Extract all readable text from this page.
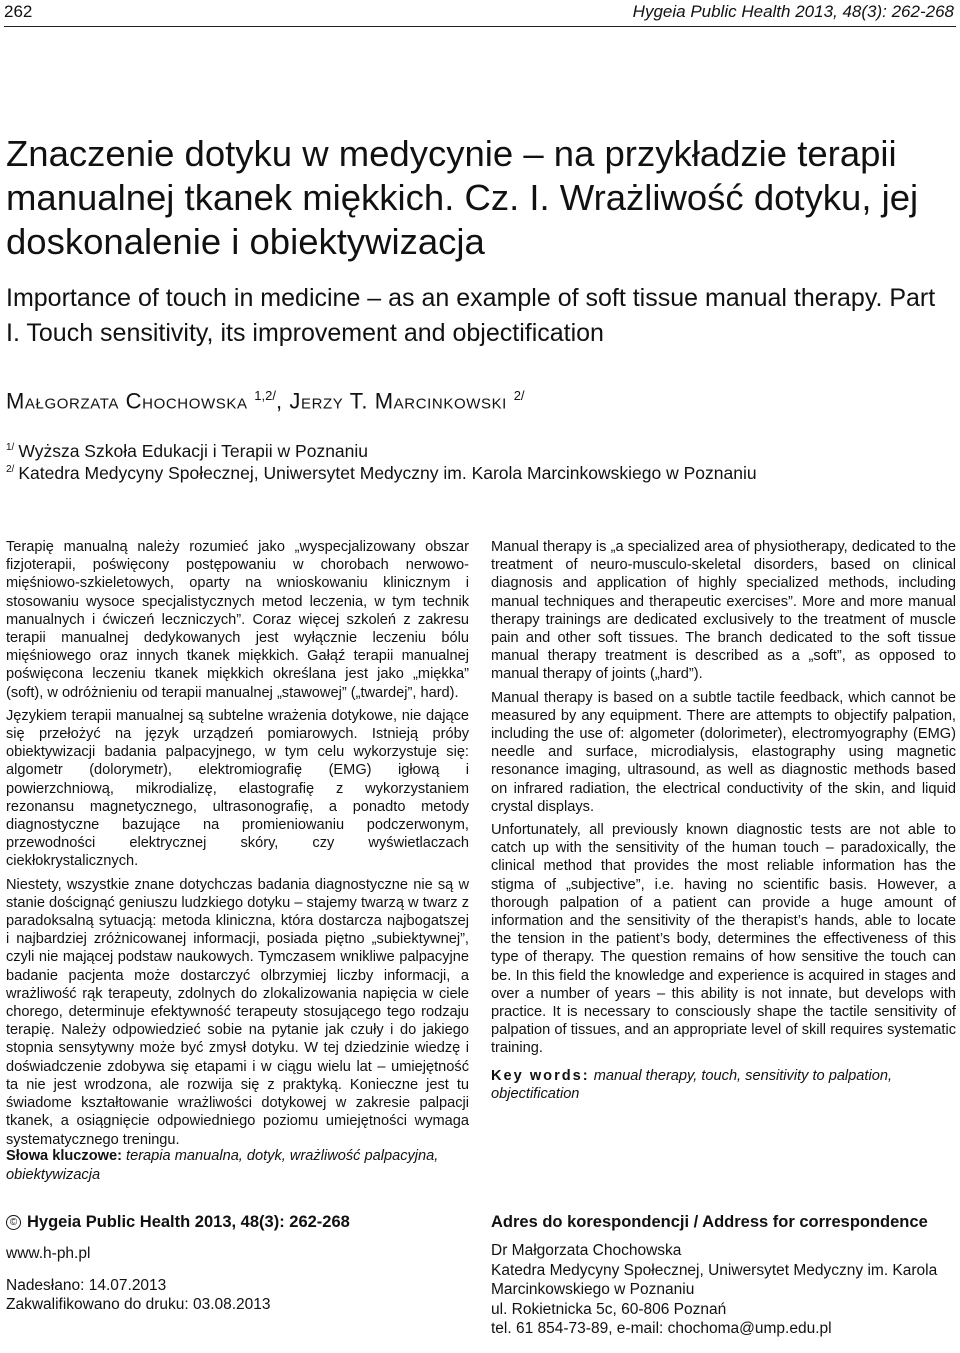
262	Hygeia Public Health 2013, 48(3): 262-268
Znaczenie dotyku w medycynie – na przykładzie terapii manualnej tkanek miękkich. Cz. I. Wrażliwość dotyku, jej doskonalenie i obiektywizacja
Importance of touch in medicine – as an example of soft tissue manual therapy. Part I. Touch sensitivity, its improvement and objectification
Małgorzata Chochowska $^{1,2/}$, Jerzy T. Marcinkowski $^{2/}$
$^{1/}$ Wyższa Szkoła Edukacji i Terapii w Poznaniu
$^{2/}$ Katedra Medycyny Społecznej, Uniwersytet Medyczny im. Karola Marcinkowskiego w Poznaniu

Terapię manualną należy rozumieć jako „wyspecjalizowany obszar fizjoterapii, poświęcony postępowaniu w chorobach nerwowo-mięśniowo-szkieletowych, oparty na wnioskowaniu klinicznym i stosowaniu wysoce specjalistycznych metod leczenia, w tym technik manualnych i ćwiczeń leczniczych”. Coraz więcej szkoleń z zakresu terapii manualnej dedykowanych jest wyłącznie leczeniu bólu mięśniowego oraz innych tkanek miękkich. Gałąź terapii manualnej poświęcona leczeniu tkanek miękkich określana jest jako „miękka” (soft), w odróżnieniu od terapii manualnej „stawowej” („twardej”, hard).

Językiem terapii manualnej są subtelne wrażenia dotykowe, nie dające się przełożyć na język urządzeń pomiarowych. Istnieją próby obiektywizacji badania palpacyjnego, w tym celu wykorzystuje się: algometr (dolorymetr), elektromiografię (EMG) igłową i powierzchniową, mikrodializę, elastografię z wykorzystaniem rezonansu magnetycznego, ultrasonografię, a ponadto metody diagnostyczne bazujące na promieniowaniu podczerwonym, przewodności elektrycznej skóry, czy wyświetlaczach ciekłokrystalicznych.

Niestety, wszystkie znane dotychczas badania diagnostyczne nie są w stanie doścignąć geniuszu ludzkiego dotyku – stajemy twarzą w twarz z paradoksalną sytuacją: metoda kliniczna, która dostarcza najbogatszej i najbardziej zróżnicowanej informacji, posiada piętno „subiektywnej”, czyli nie mającej podstaw naukowych. Tymczasem wnikliwe palpacyjne badanie pacjenta może dostarczyć olbrzymiej liczby informacji, a wrażliwość rąk terapeuty, zdolnych do zlokalizowania napięcia w ciele chorego, determinuje efektywność terapeuty stosującego tego rodzaju terapię. Należy odpowiedzieć sobie na pytanie jak czuły i do jakiego stopnia sensytywny może być zmysł dotyku. W tej dziedzinie wiedzę i doświadczenie zdobywa się etapami i w ciągu wielu lat – umiejętność ta nie jest wrodzona, ale rozwija się z praktyką. Konieczne jest tu świadome kształtowanie wrażliwości dotykowej w zakresie palpacji tkanek, a osiągnięcie odpowiedniego poziomu umiejętności wymaga systematycznego treningu.

Słowa kluczowe: terapia manualna, dotyk, wrażliwość palpacyjna, obiektywizacja

Manual therapy is „a specialized area of physiotherapy, dedicated to the treatment of neuro-musculo-skeletal disorders, based on clinical diagnosis and application of highly specialized methods, including manual techniques and therapeutic exercises”. More and more manual therapy trainings are dedicated exclusively to the treatment of muscle pain and other soft tissues. The branch dedicated to the soft tissue manual therapy treatment is described as a „soft”, as opposed to manual therapy of joints („hard”).

Manual therapy is based on a subtle tactile feedback, which cannot be measured by any equipment. There are attempts to objectify palpation, including the use of: algometer (dolorimeter), electromyography (EMG) needle and surface, microdialysis, elastography using magnetic resonance imaging, ultrasound, as well as diagnostic methods based on infrared radiation, the electrical conductivity of the skin, and liquid crystal displays.

Unfortunately, all previously known diagnostic tests are not able to catch up with the sensitivity of the human touch – paradoxically, the clinical method that provides the most reliable information has the stigma of „subjective”, i.e. having no scientific basis. However, a thorough palpation of a patient can provide a huge amount of information and the sensitivity of the therapist’s hands, able to locate the tension in the patient’s body, determines the effectiveness of this type of therapy. The question remains of how sensitive the touch can be. In this field the knowledge and experience is acquired in stages and over a number of years – this ability is not innate, but develops with practice. It is necessary to consciously shape the tactile sensitivity of palpation of tissues, and an appropriate level of skill requires systematic training.

Key words: manual therapy, touch, sensitivity to palpation, objectification

© Hygeia Public Health 2013, 48(3): 262-268
www.h-ph.pl
Nadesłano: 14.07.2013
Zakwalifikowano do druku: 03.08.2013
Adres do korespondencji / Address for correspondence
Dr Małgorzata Chochowska
Katedra Medycyny Społecznej, Uniwersytet Medyczny im. Karola Marcinkowskiego w Poznaniu
ul. Rokietnicka 5c, 60-806 Poznań
tel. 61 854-73-89, e-mail: chochoma@ump.edu.pl
